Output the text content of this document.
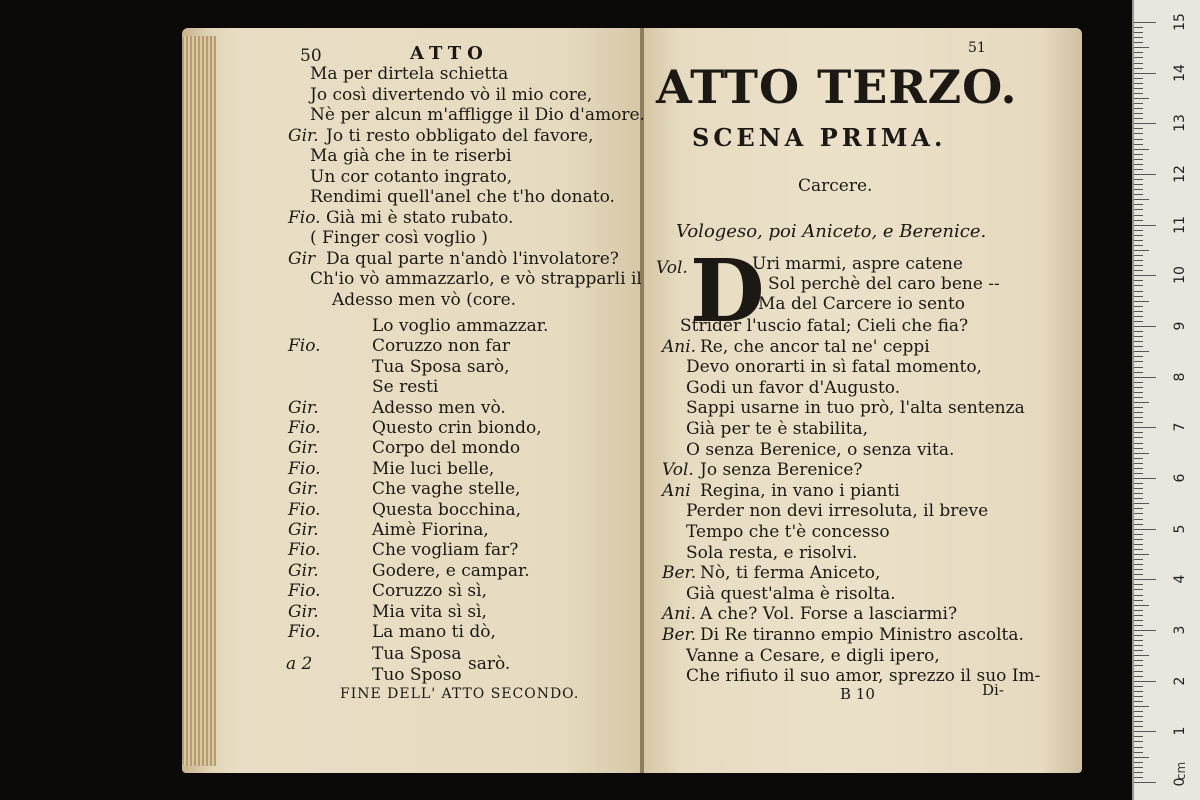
50	ATTO
Ma per dirtela schietta
Jo così divertendo vò il mio core,
Nè per alcun m'affligge il Dio d'amore.
Gir. Jo ti resto obbligato del favore,
Ma già che in te riserbi
Un cor cotanto ingrato,
Rendimi quell'anel che t'ho donato.
Fio. Già mi è stato rubato.
( Finger così voglio )
Gir Da qual parte n'andò l'involatore?
Ch'io vò ammazzarlo, e vò strapparli il
Adesso men vò (core.
Lo voglio ammazzar.
Fio.	Coruzzo non far
Tua Sposa sarò,
Se resti
Gir.	Adesso men vò.
Fio.	Questo crin biondo,
Gir.	Corpo del mondo
Fio.	Mie luci belle,
Gir.	Che vaghe stelle,
Fio.	Questa bocchina,
Gir.	Aimè Fiorina,
Fio.	Che vogliam far?
Gir.	Godere, e campar.
Fio.	Coruzzo sì sì,
Gir.	Mia vita sì sì,
Fio.	La mano ti dò,
a 2	Tua Sposa
Tuo Sposo
sarò.
FINE DELL' ATTO SECONDO.
51
ATTO TERZO.
SCENA PRIMA.
Carcere.
Vologeso, poi Aniceto, e Berenice.
Vol. D
Uri marmi, aspre catene
Sol perchè del caro bene --
Ma del Carcere io sento
Strider l'uscio fatal; Cieli che fia?
Ani. Re, che ancor tal ne' ceppi
Devo onorarti in sì fatal momento,
Godi un favor d'Augusto.
Sappi usarne in tuo prò, l'alta sentenza
Già per te è stabilita,
O senza Berenice, o senza vita.
Vol. Jo senza Berenice?
Ani Regina, in vano i pianti
Perder non devi irresoluta, il breve
Tempo che t'è concesso
Sola resta, e risolvi.
Ber. Nò, ti ferma Aniceto,
Già quest'alma è risolta.
Ani. A che? Vol. Forse a lasciarmi?
Ber. Di Re tiranno empio Ministro ascolta.
Vanne a Cesare, e digli ipero,
Che rifiuto il suo amor, sprezzo il suo Im-
B 10	Di-
cm
15
14
13
12
11
10
9
8
7
6
5
4
3
2
1
0
